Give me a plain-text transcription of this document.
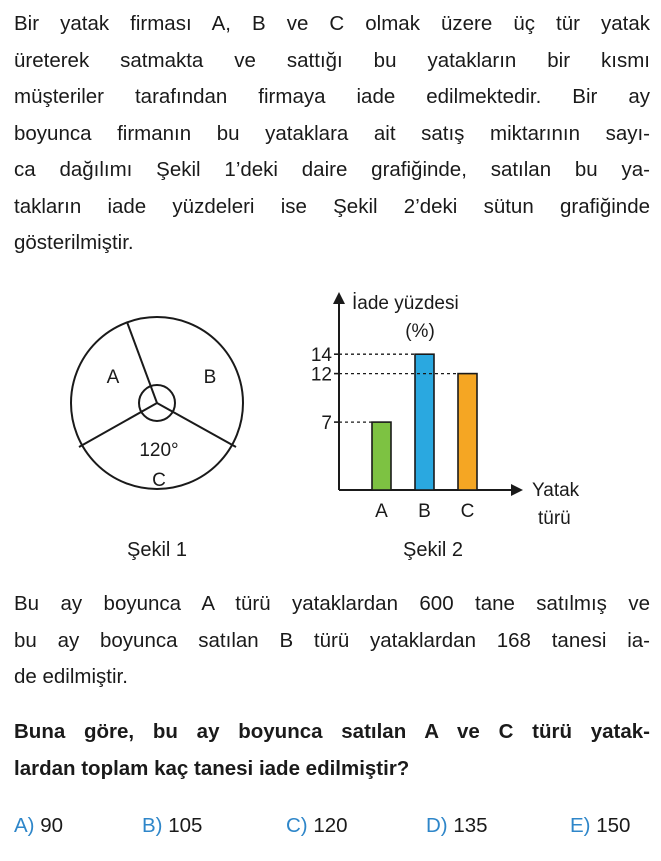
Bir yatak firması A, B ve C olmak üzere üç tür yatak
üreterek satmakta ve sattığı bu yatakların bir kısmı
müşteriler tarafından firmaya iade edilmektedir. Bir ay
boyunca firmanın bu yataklara ait satış miktarının sayı-
ca dağılımı Şekil 1’deki daire grafiğinde, satılan bu ya-
takların iade yüzdeleri ise Şekil 2’deki sütun grafiğinde
gösterilmiştir.
A	B
120°
C
Şekil 1
İade yüzdesi
(%)
Yatak
türü
A B C
7
12
14
Şekil 2
Bu ay boyunca A türü yataklardan 600 tane satılmış ve
bu ay boyunca satılan B türü yataklardan 168 tanesi ia-
de edilmiştir.
Buna göre, bu ay boyunca satılan A ve C türü yatak-
lardan toplam kaç tanesi iade edilmiştir?
A) 90	B) 105	C) 120	D) 135	E) 150
